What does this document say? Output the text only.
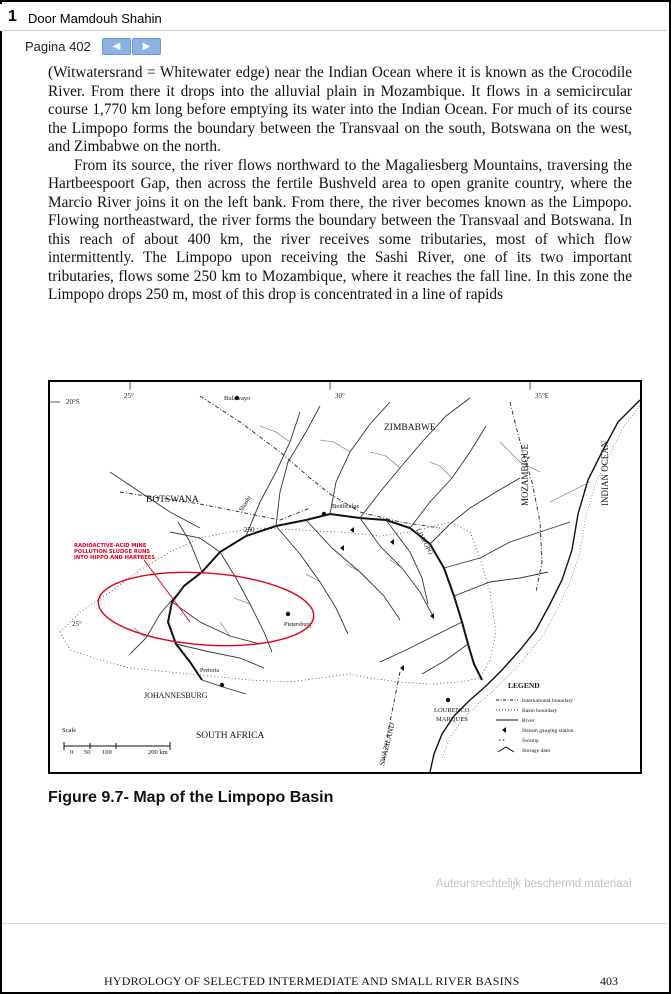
1 Door Mamdouh Shahin
Pagina 402	◀	▶

(Witwatersrand = Whitewater edge) near the Indian Ocean where it is known as the Crocodile River. From there it drops into the alluvial plain in Mozambique. It flows in a semicircular course 1,770 km long before emptying its water into the Indian Ocean. For much of its course the Limpopo forms the boundary between the Transvaal on the south, Botswana on the west, and Zimbabwe on the north.

From its source, the river flows northward to the Magaliesberg Mountains, traversing the Hartbeespoort Gap, then across the fertile Bushveld area to open granite country, where the Marcio River joins it on the left bank. From there, the river becomes known as the Limpopo. Flowing northeastward, the river forms the boundary between the Transvaal and Botswana. In this reach of about 400 km, the river receives some tributaries, most of which flow intermittently. The Limpopo upon receiving the Sashi River, one of its two important tributaries, flows some 250 km to Mozambique, where it reaches the fall line. In this zone the Limpopo drops 250 m, most of this drop is concentrated in a line of rapids

20°S
25°	30°	35°E
25°
ZIMBABWE
BOTSWANA
SOUTH AFRICA
JOHANNESBURG
LOURENCO
MARQUES
Bulawayo
Beitbridge
Pietersburg
Pretoria
250
Shashi
LIMPOPO
MOZAMBIQUE	INDIAN OCEAN
SWAZILAND
RADIOACTIVE-ACID MINE
POLLUTION SLUDGE RUNS
INTO HIPPO AND HARTBEES
Scale
0 50 100	200 km
LEGEND
International boundary
Basin boundary
River
Stream gauging station
⋆⋆	Swamp
Storage dam
Figure 9.7- Map of the Limpopo Basin
Auteursrechtelijk beschermd materiaal
HYDROLOGY OF SELECTED INTERMEDIATE AND SMALL RIVER BASINS	403
